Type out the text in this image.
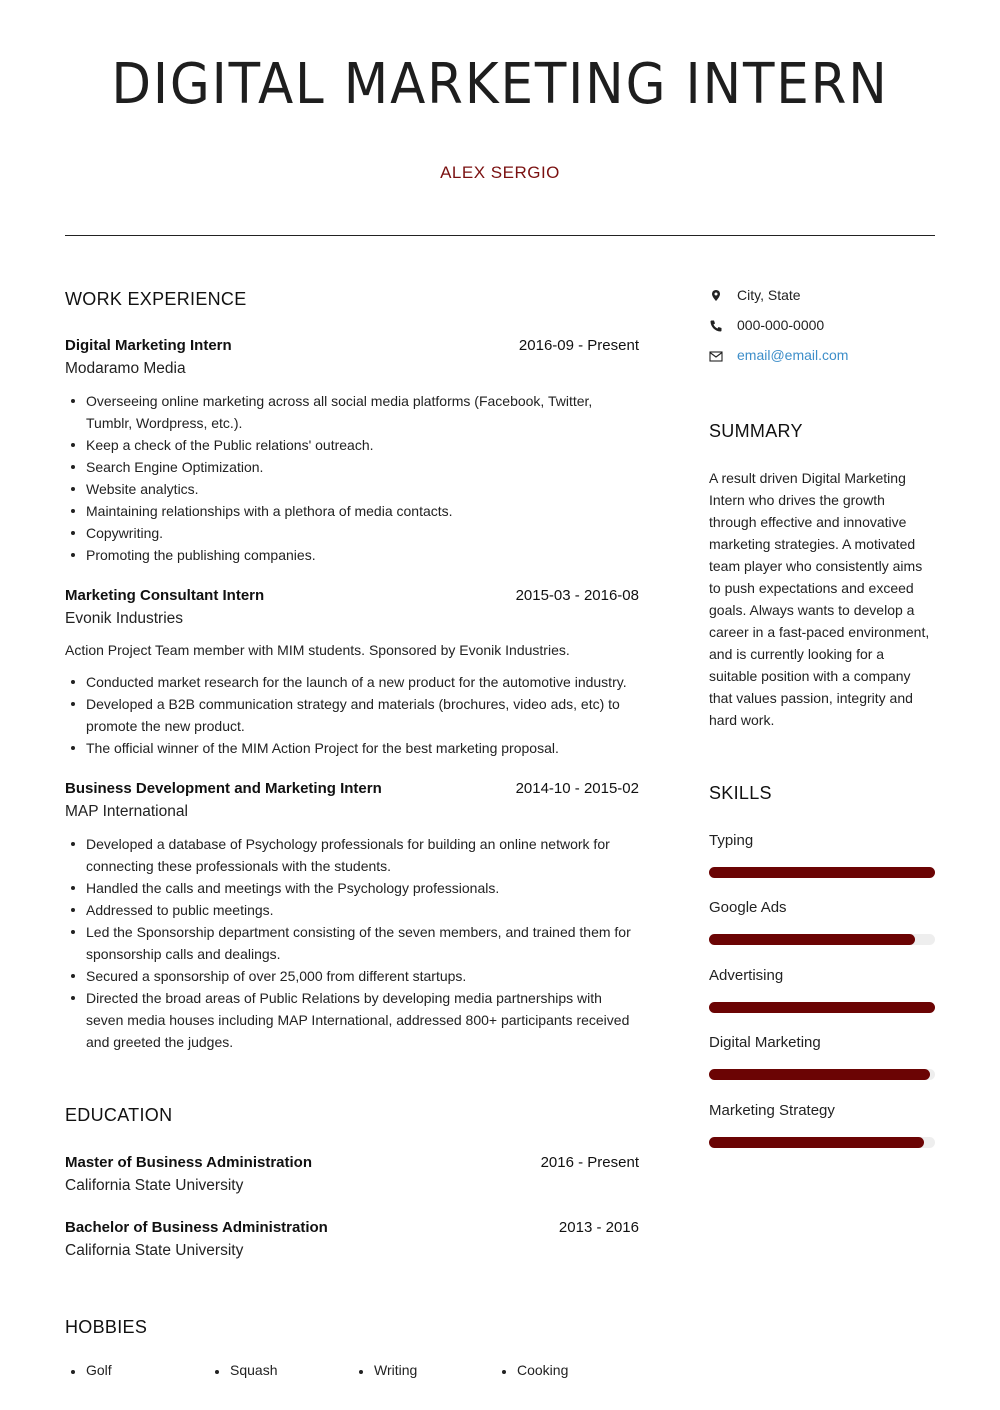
DIGITAL MARKETING INTERN
ALEX SERGIO
WORK EXPERIENCE
Digital Marketing Intern	2016-09 - Present
Modaramo Media
Overseeing online marketing across all social media platforms (Facebook, Twitter, Tumblr, Wordpress, etc.).
Keep a check of the Public relations' outreach.
Search Engine Optimization.
Website analytics.
Maintaining relationships with a plethora of media contacts.
Copywriting.
Promoting the publishing companies.
Marketing Consultant Intern	2015-03 - 2016-08
Evonik Industries
Action Project Team member with MIM students. Sponsored by Evonik Industries.
Conducted market research for the launch of a new product for the automotive industry.
Developed a B2B communication strategy and materials (brochures, video ads, etc) to promote the new product.
The official winner of the MIM Action Project for the best marketing proposal.
Business Development and Marketing Intern	2014-10 - 2015-02
MAP International
Developed a database of Psychology professionals for building an online network for connecting these professionals with the students.
Handled the calls and meetings with the Psychology professionals.
Addressed to public meetings.
Led the Sponsorship department consisting of the seven members, and trained them for sponsorship calls and dealings.
Secured a sponsorship of over 25,000 from different startups.
Directed the broad areas of Public Relations by developing media partnerships with seven media houses including MAP International, addressed 800+ participants received and greeted the judges.
EDUCATION
Master of Business Administration	2016 - Present
California State University
Bachelor of Business Administration	2013 - 2016
California State University
HOBBIES
Golf	Squash	Writing	Cooking
City, State
000-000-0000
email@email.com
SUMMARY
A result driven Digital Marketing Intern who drives the growth through effective and innovative marketing strategies. A motivated team player who consistently aims to push expectations and exceed goals. Always wants to develop a career in a fast-paced environment, and is currently looking for a suitable position with a company that values passion, integrity and hard work.
SKILLS
Typing
Google Ads
Advertising
Digital Marketing
Marketing Strategy
